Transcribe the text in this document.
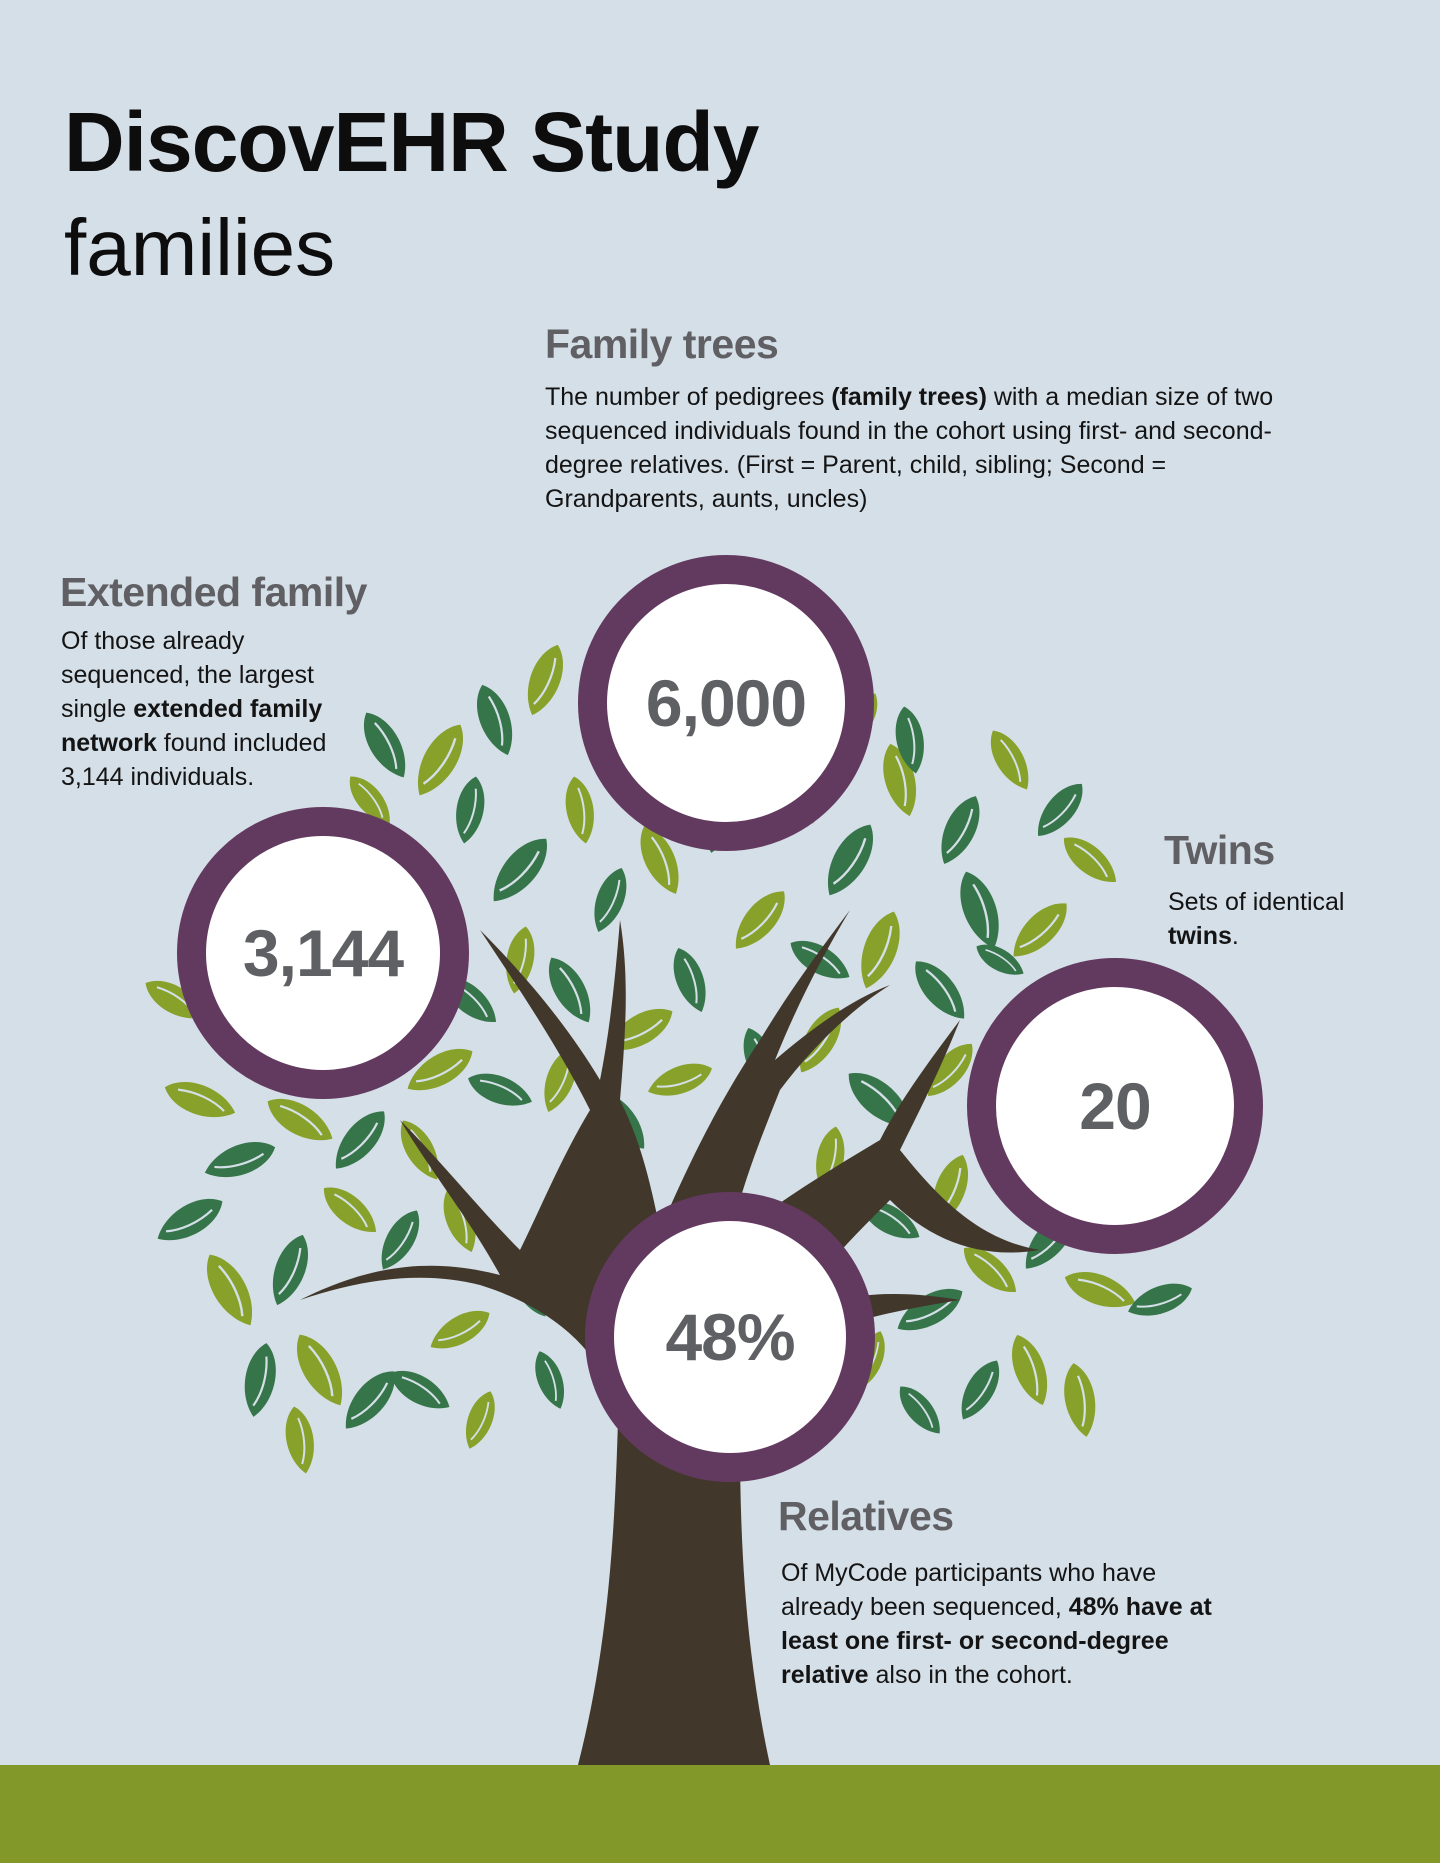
DiscovEHR Study
families
Family trees

The number of pedigrees (family trees) with a median size of two sequenced individuals found in the cohort using first- and second-degree relatives. (First = Parent, child, sibling; Second = Grandparents, aunts, uncles)

Extended family

Of those already sequenced, the largest single extended family network found included 3,144 individuals.

Twins

Sets of identical twins.

Relatives

Of MyCode participants who have already been sequenced, 48% have at least one first- or second-degree relative also in the cohort.

6,000
3,144
20
48%
